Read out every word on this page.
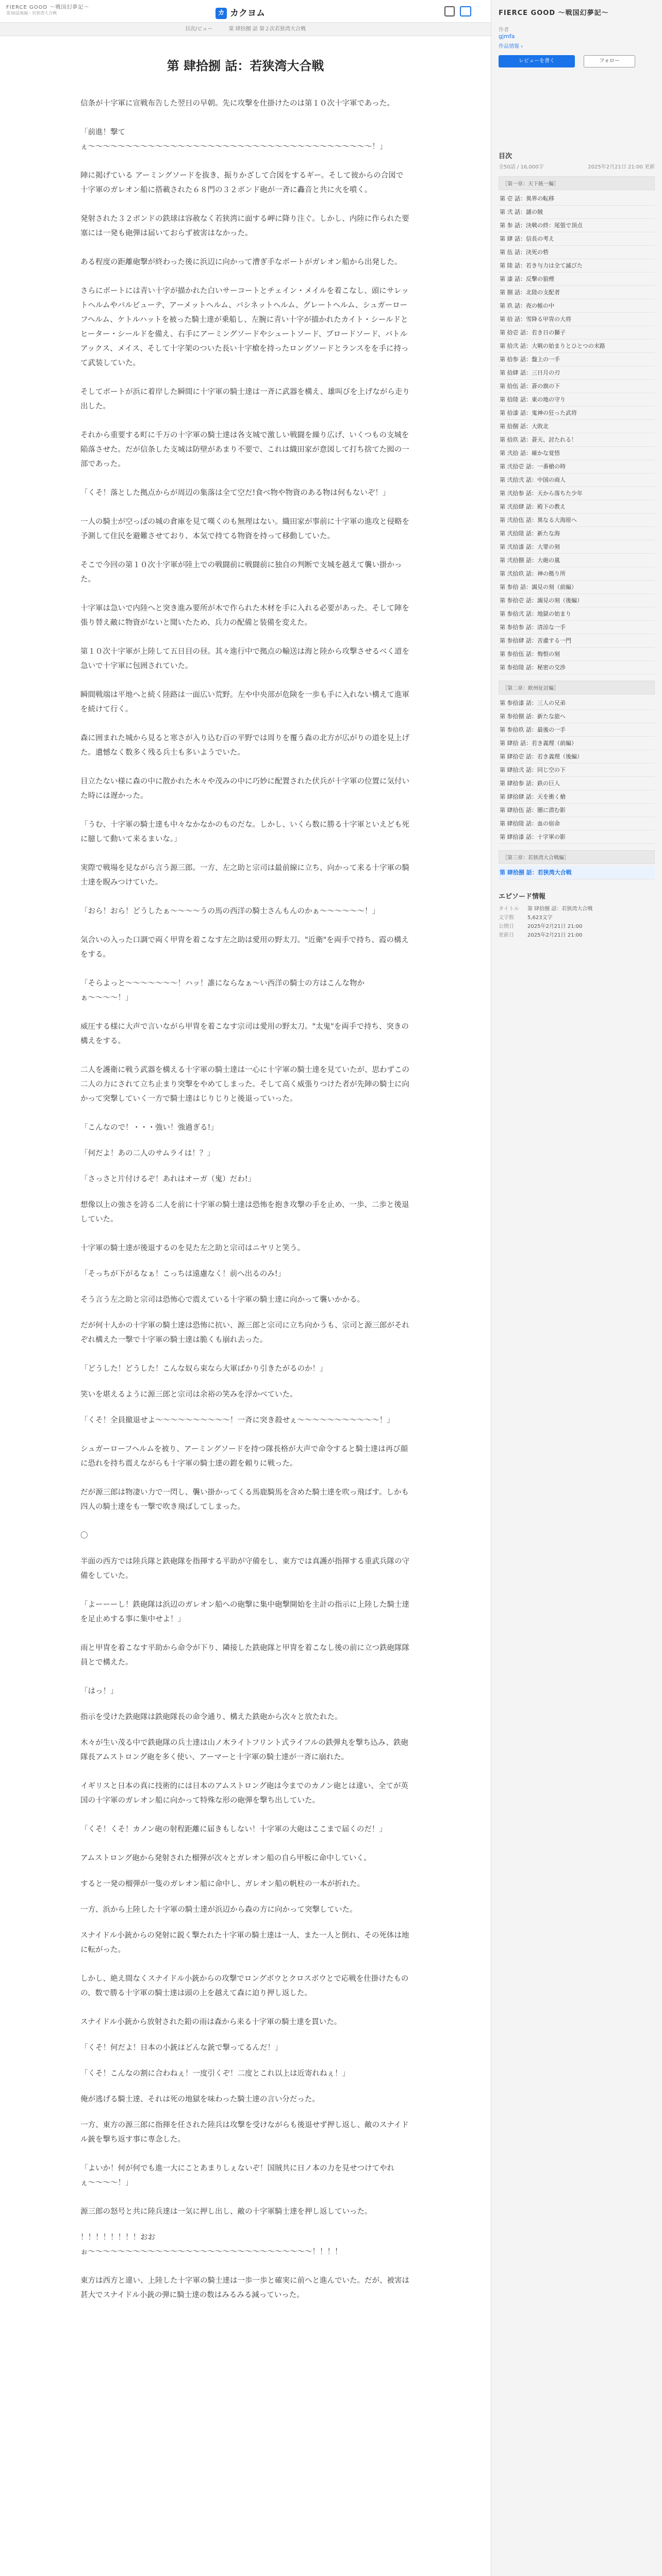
FIERCE GOOD ～戦国幻夢記～
第36話後編・若狭湾大合戦	カ カクヨム
目次/ビュー	第 肆拾捌 話 第２次若狭湾大合戦
第 肆拾捌 話：若狭湾大合戦

信条が十字軍に宣戦布告した翌日の早朝。先に攻撃を仕掛けたのは第１０次十字軍であった。

「前進！撃てぇ〜〜〜〜〜〜〜〜〜〜〜〜〜〜〜〜〜〜〜〜〜〜〜〜〜〜〜〜〜〜〜〜〜〜〜〜〜〜！」

陣に掲げている アーミングソードを抜き、振りかざして合図をするギー。そして彼からの合図で十字軍のガレオン船に搭載された６８門の３２ポンド砲が一斉に轟音と共に火を噴く。

発射された３２ポンドの鉄球は容赦なく若狭湾に面する岬に降り注ぐ。しかし、内陸に作られた要塞には一発も砲弾は届いておらず被害はなかった。

ある程度の距離砲撃が終わった後に浜辺に向かって漕ぎ手なボートがガレオン船から出発した。

さらにボートには青い十字が描かれた白いサーコートとチェイン・メイルを着こなし、頭にサレットヘルムやバルビューテ、アーメットヘルム、バシネットヘルム、グレートヘルム、シュガーローフヘルム、ケトルハットを被った騎士達が乗船し、左腕に青い十字が描かれたカイト・シールドとヒーター・シールドを備え、右手にアーミングソードやシュートソード、ブロードソード、バトルアックス、メイス、そして十字架のついた長い十字槍を持ったロングソードとランスをを手に持って武装していた。

そしてボートが浜に着岸した瞬間に十字軍の騎士達は一斉に武器を構え、雄叫びを上げながら走り出した。

それから重要する町に千万の十字軍の騎士達は各支城で激しい戦闘を繰り広げ、いくつもの支城を陥落させた。だが信条した支城は防壁があまり不要で、これは織田家が意図して打ち捨てた囮の一部であった。

「くそ！落とした拠点からが周辺の集落は全て空だ!食べ物や物資のある物は何もないぞ！」

一人の騎士が空っぽの城の倉庫を見て嘆くのも無理はない。織田家が事前に十字軍の進攻と侵略を予測して住民を避難させており、本気で持てる物資を持って移動していた。

そこで今回の第１０次十字軍が陸上での戦闘前に戦闘前に独自の判断で支城を越えて襲い掛かった。

十字軍は急いで内陸へと突き進み要所が木で作られた木材を手に入れる必要があった。そして陣を張り替え敵に物資がないと聞いたため、兵力の配備と装備を変えた。

第１０次十字軍が上陸して五日目の昼。其々進行中で拠点の輸送は海と陸から攻撃させるべく道を急いで十字軍に包囲されていた。

瞬間戦端は平地へと続く陸路は一面広い荒野。左や中央部が危険を一歩も手に入れない構えて進軍を続けて行く。

森に囲まれた城から見ると寒さが入り込む百の平野では周りを覆う森の北方が広がりの道を見上げた。遺憾なく数多く残る兵士も多いようでいた。

目立たない様に森の中に散かれた木々や茂みの中に巧妙に配置された伏兵が十字軍の位置に気付いた時には遅かった。

「うむ、十字軍の騎士達も中々なかなかのものだな。しかし、いくら数に勝る十字軍といえども死に臆して動いて来るまいな。」

実際で戦場を見ながら言う源三郎。一方、左之助と宗司は最前線に立ち、向かって来る十字軍の騎士達を睨みつけていた。

「おら！おら！どうしたぁ〜〜〜〜うの馬の西洋の騎士さんもんのかぁ〜〜〜〜〜〜！」

気合いの入った口調で両く甲冑を着こなす左之助は愛用の野太刀。"近衛"を両手で持ち、霞の構えをする。

「そらよっと〜〜〜〜〜〜〜！ハッ！誰にならなぁ〜い西洋の騎士の方はこんな物かぁ〜〜〜〜！」

威圧する様に大声で言いながら甲冑を着こなす宗司は愛用の野太刀。"太鬼"を両手で持ち、突きの構えをする。

二人を護衛に戦う武器を構える十字軍の騎士達は一心に十字軍の騎士達を見ていたが、思わずこの二人の力にされて立ち止まり突撃をやめてしまった。そして高く威張りつけた者が先陣の騎士に向かって突撃していく一方で騎士達はじりじりと後退っていった。

「こんなので！・・・強い！強過ぎる!」

「何だよ！あの二人のサムライは！？」

「さっさと片付けるぞ！あれはオーガ（鬼）だわ!」

想像以上の強さを誇る二人を前に十字軍の騎士達は恐怖を抱き攻撃の手を止め、一歩、二歩と後退していた。

十字軍の騎士達が後退するのを見た左之助と宗司はニヤリと笑う。

「そっちが下がるなぁ！こっちは遠慮なく！前へ出るのみ!」

そう言う左之助と宗司は恐怖心で震えている十字軍の騎士達に向かって襲いかかる。

だが何十人かの十字軍の騎士達は恐怖に抗い、源三郎と宗司に立ち向かうも、宗司と源三郎がそれぞれ構えた一撃で十字軍の騎士達は脆くも崩れ去った。

「どうした！どうした！こんな奴ら束なら大軍ばかり引きたがるのか！」

笑いを堪えるように源三郎と宗司は余裕の笑みを浮かべていた。

「くそ！全員撤退せよ〜〜〜〜〜〜〜〜〜〜！一斉に突き殺せぇ〜〜〜〜〜〜〜〜〜〜〜！」

シュガーローフヘルムを被り、アーミングソードを持つ隊長格が大声で命令すると騎士達は再び顔に恐れを持ち震えながらも十字軍の騎士達の鎧を頼りに戦った。

だが源三郎は物凄い力で一閃し、襲い掛かってくる馬鹿騎馬を含めた騎士達を吹っ飛ばす。しかも四人の騎士達をも一撃で吹き飛ばしてしまった。

〇

半面の西方では陸兵隊と鉄砲隊を指揮する平助が守備をし、東方では真護が指揮する重武兵隊の守備をしていた。

「よーーーし！鉄砲隊は浜辺のガレオン船への砲撃に集中砲撃開始を主計の指示に上陸した騎士達を足止めする事に集中せよ！」

雨と甲冑を着こなす平助から命令が下り、隣接した鉄砲隊と甲冑を着こなし後の前に立つ鉄砲隊隊員とで構えた。

「はっ！」

指示を受けた鉄砲隊は鉄砲隊長の命令通り、構えた鉄砲から次々と放たれた。

木々が生い茂る中で鉄砲隊の兵士達は山ノ木ライトフリント式ライフルの鉄弾丸を撃ち込み、鉄砲隊長アムストロング砲を多く使い、アーマーと十字軍の騎士達が一斉に崩れた。

イギリスと日本の真に技術的には日本のアムストロング砲は今までのカノン砲とは違い、全てが英国の十字軍のガレオン船に向かって特殊な形の砲弾を撃ち出していた。

「くそ！くそ！カノン砲の射程距離に届きもしない！十字軍の大砲はここまで届くのだ！」

アムストロング砲から発射された榴弾が次々とガレオン船の自ら甲板に命中していく。

すると一発の榴弾が一隻のガレオン船に命中し、ガレオン船の帆柱の一本が折れた。

一方、浜から上陸した十字軍の騎士達が浜辺から森の方に向かって突撃していた。

スナイドル小銃からの発射に鋭く撃たれた十字軍の騎士達は一人、また一人と倒れ、その死体は地に転がった。

しかし、絶え間なくスナイドル小銃からの攻撃でロングボウとクロスボウとで応戦を仕掛けたものの、数で勝る十字軍の騎士達は頭の上を越えて森に迫り押し返した。

スナイドル小銃から放射された鉛の雨は森から来る十字軍の騎士達を貫いた。

「くそ！何だよ！日本の小銃はどんな銃で撃ってるんだ！」

「くそ！こんなの割に合わねぇ！一度引くぞ！二度とこれ以上は近寄れねぇ！」

俺が逃げる騎士達、それは死の地獄を味わった騎士達の言い分だった。

一方、東方の源三郎に指揮を任された陸兵は攻撃を受けながらも後退せず押し返し、敵のスナイドル銃を撃ち返す事に専念した。

「よいか！何が何でも進一大にことあまりしぇないぞ！国賊共に日ノ本の力を見せつけてやれぇ〜〜〜〜！」

源三郎の怒号と共に陸兵達は一気に押し出し、敵の十字軍騎士達を押し返していった。

！！！！！！！！おおぉ〜〜〜〜〜〜〜〜〜〜〜〜〜〜〜〜〜〜〜〜〜〜〜〜〜〜〜〜〜〜！！！！

東方は西方と違い、上陸した十字軍の騎士達は一歩一歩と確実に前へと進んでいた。だが、被害は甚大でスナイドル小銃の弾に騎士達の数はみるみる減っていった。

FIERCE GOOD ～戦国幻夢記～
作者
gjmfa
作品情報 ›
レビューを書く	フォロー
目次
全50話 / 16,000字	2025年2月21日 21:00 更新
［第一章：天下統一編］
第 壱 話：異界の転移
第 弐 話：謎の賊
第 参 話：決戦の終：尾張で頂点
第 肆 話：信長の考え
第 伍 話：決死の砦
第 陸 話：若き与力は全て滅びた
第 漆 話：反撃の狼煙
第 捌 話：北陸の支配者
第 玖 話：夜の帳の中
第 拾 話：雪降る甲冑の大将
第 拾壱 話：若き日の獅子
第 拾弐 話：大戦の始まりとひとつの末路
第 拾参 話：盤上の一手
第 拾肆 話：三日月の刃
第 拾伍 話：蒼の旗の下
第 拾陸 話：東の地の守り
第 拾漆 話：鬼神の狂った武将
第 拾捌 話：大敗北
第 拾玖 話：蒼天、討たれる！
第 弐拾 話：確かな覚悟
第 弐拾壱 話：一番槍の時
第 弐拾弐 話：中国の商人
第 弐拾参 話：天から落ちた少年
第 弐拾肆 話：殿下の教え
第 弐拾伍 話：異なる大海原へ
第 弐拾陸 話：新たな海
第 弐拾漆 話：大罪の刻
第 弐拾捌 話：大砲の嵐
第 弐拾玖 話：神の拠り所
第 参拾 話：謁見の刻（前編）
第 参拾壱 話：謁見の刻（後編）
第 参拾弐 話：地獄の始まり
第 参拾参 話：清涼な一手
第 参拾肆 話：苦慮する一門
第 参拾伍 話：悔恨の刻
第 参拾陸 話：秘密の交渉
［第二章：欧州征討編］
第 参拾漆 話：三人の兄弟
第 参拾捌 話：新たな旅へ
第 参拾玖 話：最後の一手
第 肆拾 話：若き義理（前編）
第 肆拾壱 話：若き義理（後編）
第 肆拾弐 話：同じ空の下
第 肆拾参 話：鉄の巨人
第 肆拾肆 話：天を衝く槍
第 肆拾伍 話：闇に潜む影
第 肆拾陸 話：血の宿命
第 肆拾漆 話：十字軍の影
［第三章：若狭湾大合戦編］
第 肆拾捌 話：若狭湾大合戦
エピソード情報
タイトル 第 肆拾捌 話：若狭湾大合戦
文字数	5,623文字
公開日	2025年2月21日 21:00
更新日	2025年2月21日 21:00
